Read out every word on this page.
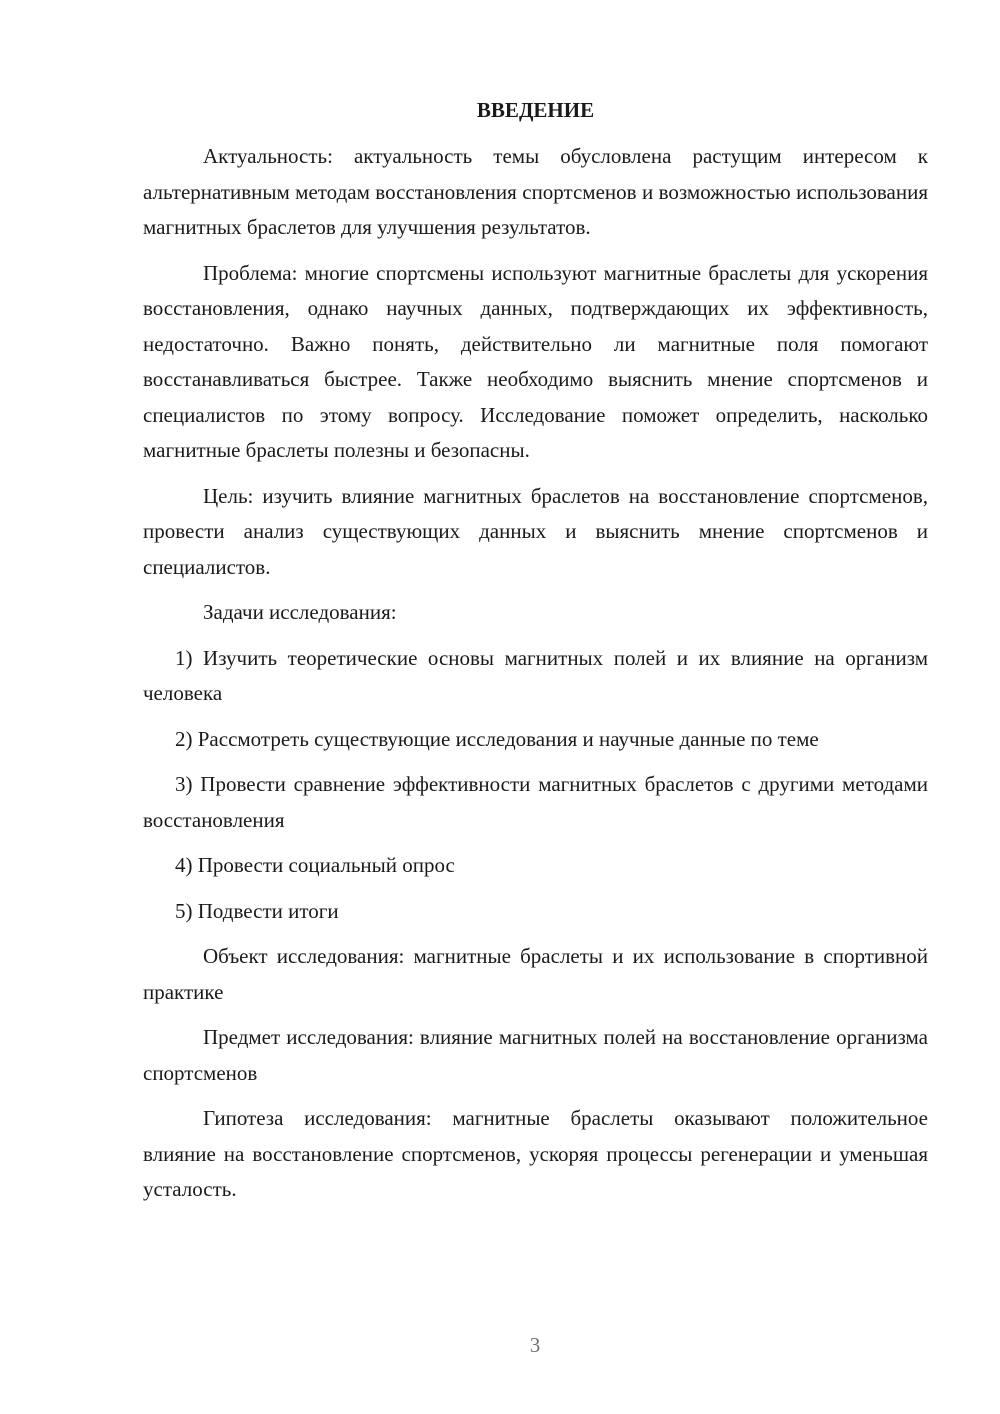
ВВЕДЕНИЕ

Актуальность: актуальность темы обусловлена растущим интересом к альтернативным методам восстановления спортсменов и возможностью использования магнитных браслетов для улучшения результатов.

Проблема: многие спортсмены используют магнитные браслеты для ускорения восстановления, однако научных данных, подтверждающих их эффективность, недостаточно. Важно понять, действительно ли магнитные поля помогают восстанавливаться быстрее. Также необходимо выяснить мнение спортсменов и специалистов по этому вопросу. Исследование поможет определить, насколько магнитные браслеты полезны и безопасны.

Цель: изучить влияние магнитных браслетов на восстановление спортсменов, провести анализ существующих данных и выяснить мнение спортсменов и специалистов.

Задачи исследования:

1) Изучить теоретические основы магнитных полей и их влияние на организм человека

2) Рассмотреть существующие исследования и научные данные по теме

3) Провести сравнение эффективности магнитных браслетов с другими методами восстановления

4) Провести социальный опрос

5) Подвести итоги

Объект исследования: магнитные браслеты и их использование в спортивной практике

Предмет исследования: влияние магнитных полей на восстановление организма спортсменов

Гипотеза исследования: магнитные браслеты оказывают положительное влияние на восстановление спортсменов, ускоряя процессы регенерации и уменьшая усталость.

3
